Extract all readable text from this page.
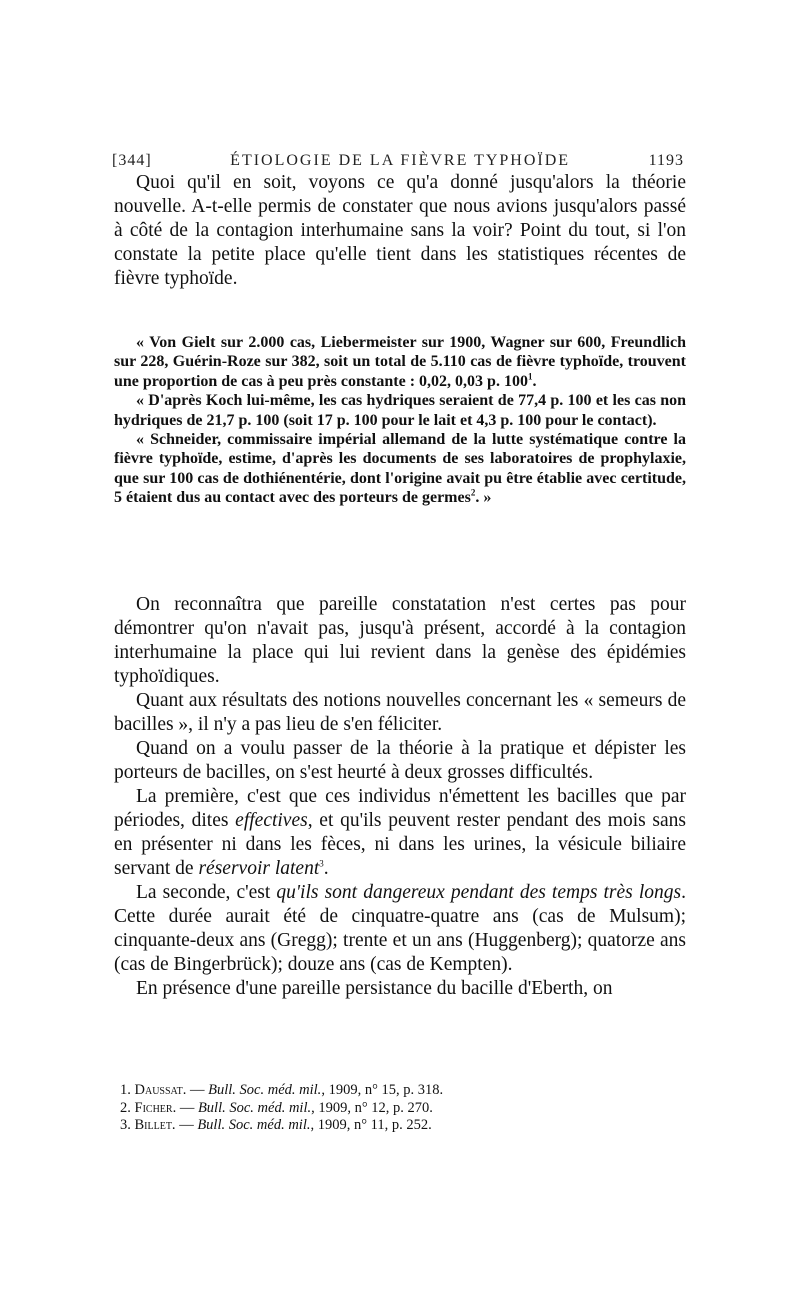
[344]	ÉTIOLOGIE DE LA FIÈVRE TYPHOÏDE	1193

Quoi qu'il en soit, voyons ce qu'a donné jusqu'alors la théorie nouvelle. A-t-elle permis de constater que nous avions jusqu'alors passé à côté de la contagion interhumaine sans la voir? Point du tout, si l'on constate la petite place qu'elle tient dans les statistiques récentes de fièvre typhoïde.

« Von Gielt sur 2.000 cas, Liebermeister sur 1900, Wagner sur 600, Freundlich sur 228, Guérin-Roze sur 382, soit un total de 5.110 cas de fièvre typhoïde, trouvent une proportion de cas à peu près constante : 0,02, 0,03 p. $100^1$.

« D'après Koch lui-même, les cas hydriques seraient de 77,4 p. 100 et les cas non hydriques de 21,7 p. 100 (soit 17 p. 100 pour le lait et 4,3 p. 100 pour le contact).

« Schneider, commissaire impérial allemand de la lutte systématique contre la fièvre typhoïde, estime, d'après les documents de ses laboratoires de prophylaxie, que sur 100 cas de dothiénentérie, dont l'origine avait pu être établie avec certitude, 5 étaient dus au contact avec des porteurs de germes$^2$. »

On reconnaîtra que pareille constatation n'est certes pas pour démontrer qu'on n'avait pas, jusqu'à présent, accordé à la contagion interhumaine la place qui lui revient dans la genèse des épidémies typhoïdiques.

Quant aux résultats des notions nouvelles concernant les « semeurs de bacilles », il n'y a pas lieu de s'en féliciter.

Quand on a voulu passer de la théorie à la pratique et dépister les porteurs de bacilles, on s'est heurté à deux grosses difficultés.

La première, c'est que ces individus n'émettent les bacilles que par périodes, dites effectives, et qu'ils peuvent rester pendant des mois sans en présenter ni dans les fèces, ni dans les urines, la vésicule biliaire servant de réservoir latent$^3$.

La seconde, c'est qu'ils sont dangereux pendant des temps très longs. Cette durée aurait été de cinquatre-quatre ans (cas de Mulsum); cinquante-deux ans (Gregg); trente et un ans (Huggenberg); quatorze ans (cas de Bingerbrück); douze ans (cas de Kempten).

En présence d'une pareille persistance du bacille d'Eberth, on

1. Daussat. — Bull. Soc. méd. mil., 1909, n° 15, p. 318.
2. Ficher. — Bull. Soc. méd. mil., 1909, n° 12, p. 270.
3. Billet. — Bull. Soc. méd. mil., 1909, n° 11, p. 252.
